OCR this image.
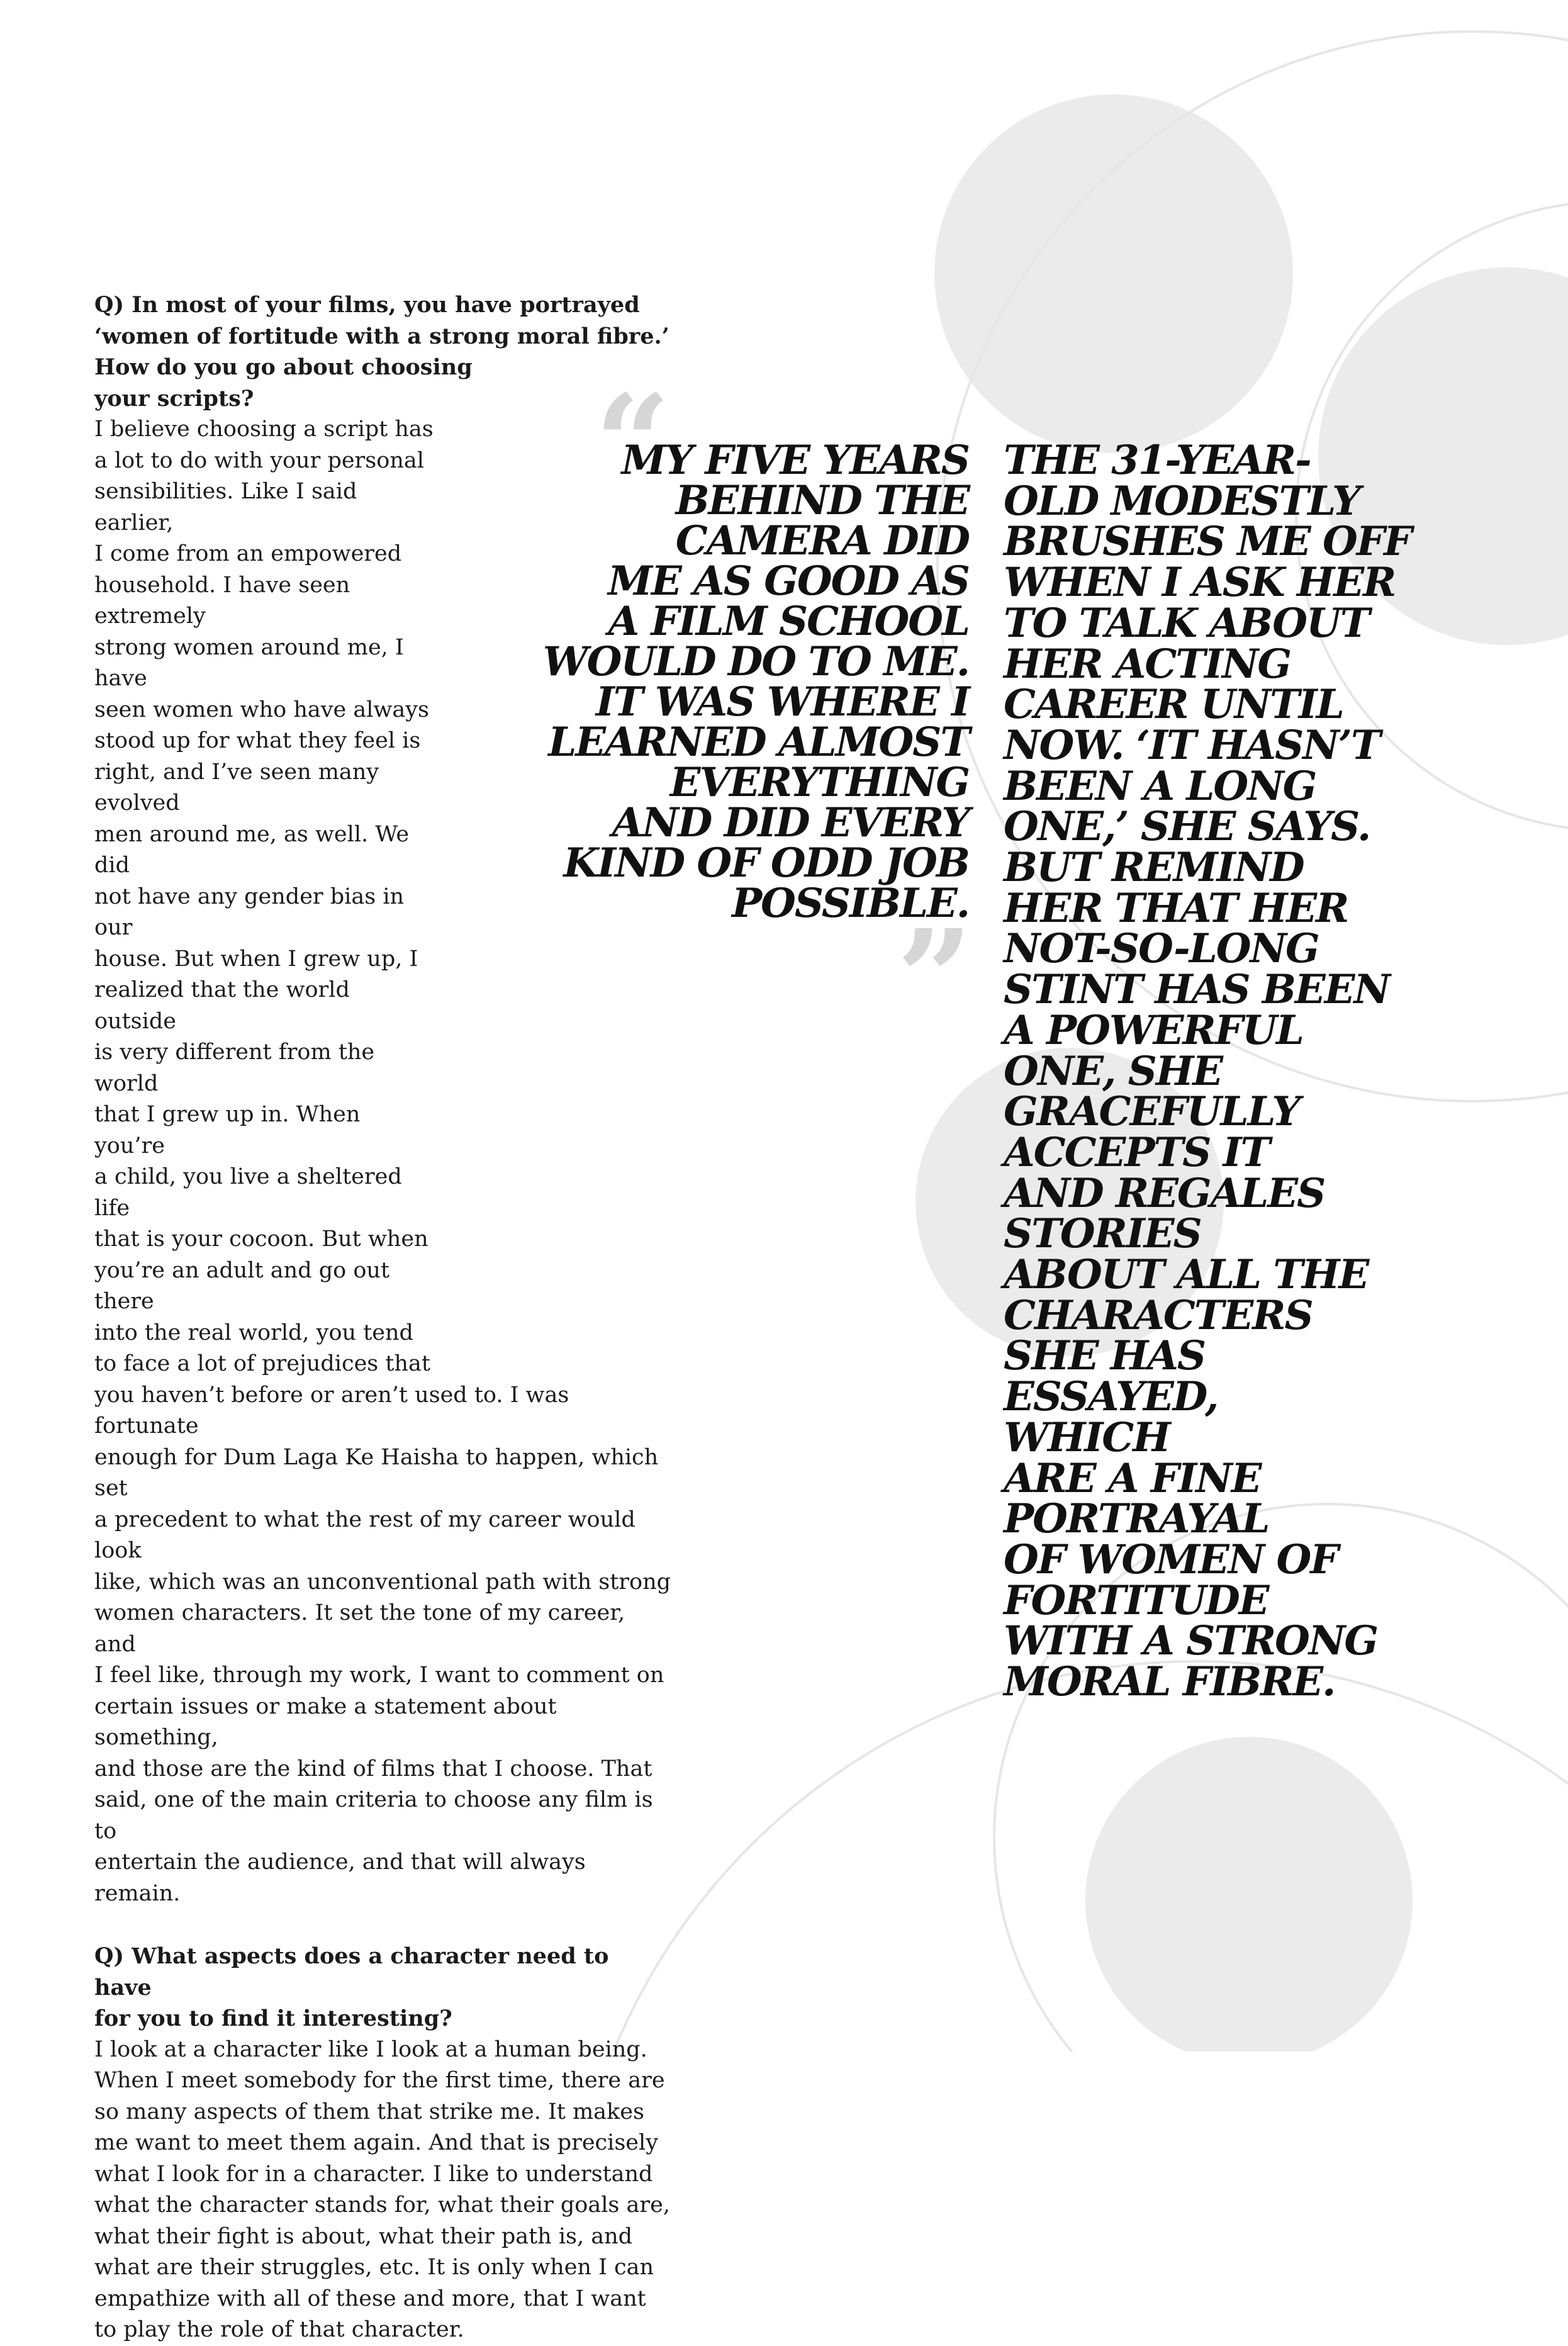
Q) In most of your films, you have portrayed
‘women of fortitude with a strong moral fibre.’
How do you go about choosing
your scripts?

I believe choosing a script has
a lot to do with your personal
sensibilities. Like I said earlier,
I come from an empowered
household. I have seen extremely
strong women around me, I have
seen women who have always
stood up for what they feel is
right, and I’ve seen many evolved
men around me, as well. We did
not have any gender bias in our
house. But when I grew up, I
realized that the world outside
is very different from the world
that I grew up in. When you’re
a child, you live a sheltered life
that is your cocoon. But when
you’re an adult and go out there
into the real world, you tend
to face a lot of prejudices that

you haven’t before or aren’t used to. I was fortunate
enough for Dum Laga Ke Haisha to happen, which set
a precedent to what the rest of my career would look
like, which was an unconventional path with strong
women characters. It set the tone of my career, and
I feel like, through my work, I want to comment on
certain issues or make a statement about something,
and those are the kind of films that I choose. That
said, one of the main criteria to choose any film is to
entertain the audience, and that will always remain.

Q) What aspects does a character need to have
for you to find it interesting?

I look at a character like I look at a human being.
When I meet somebody for the first time, there are
so many aspects of them that strike me. It makes
me want to meet them again. And that is precisely
what I look for in a character. I like to understand
what the character stands for, what their goals are,
what their fight is about, what their path is, and
what are their struggles, etc. It is only when I can
empathize with all of these and more, that I want
to play the role of that character.

“
”
MY FIVE YEARS
BEHIND THE
CAMERA DID
ME AS GOOD AS
A FILM SCHOOL
WOULD DO TO ME.
IT WAS WHERE I
LEARNED ALMOST
EVERYTHING
AND DID EVERY
KIND OF ODD JOB
POSSIBLE.
THE 31-YEAR-
OLD MODESTLY
BRUSHES ME OFF
WHEN I ASK HER
TO TALK ABOUT
HER ACTING
CAREER UNTIL
NOW. ‘IT HASN’T
BEEN A LONG
ONE,’ SHE SAYS.
BUT REMIND
HER THAT HER
NOT-SO-LONG
STINT HAS BEEN
A POWERFUL
ONE, SHE
GRACEFULLY
ACCEPTS IT
AND REGALES
STORIES
ABOUT ALL THE
CHARACTERS
SHE HAS
ESSAYED,
WHICH
ARE A FINE
PORTRAYAL
OF WOMEN OF
FORTITUDE
WITH A STRONG
MORAL FIBRE.
